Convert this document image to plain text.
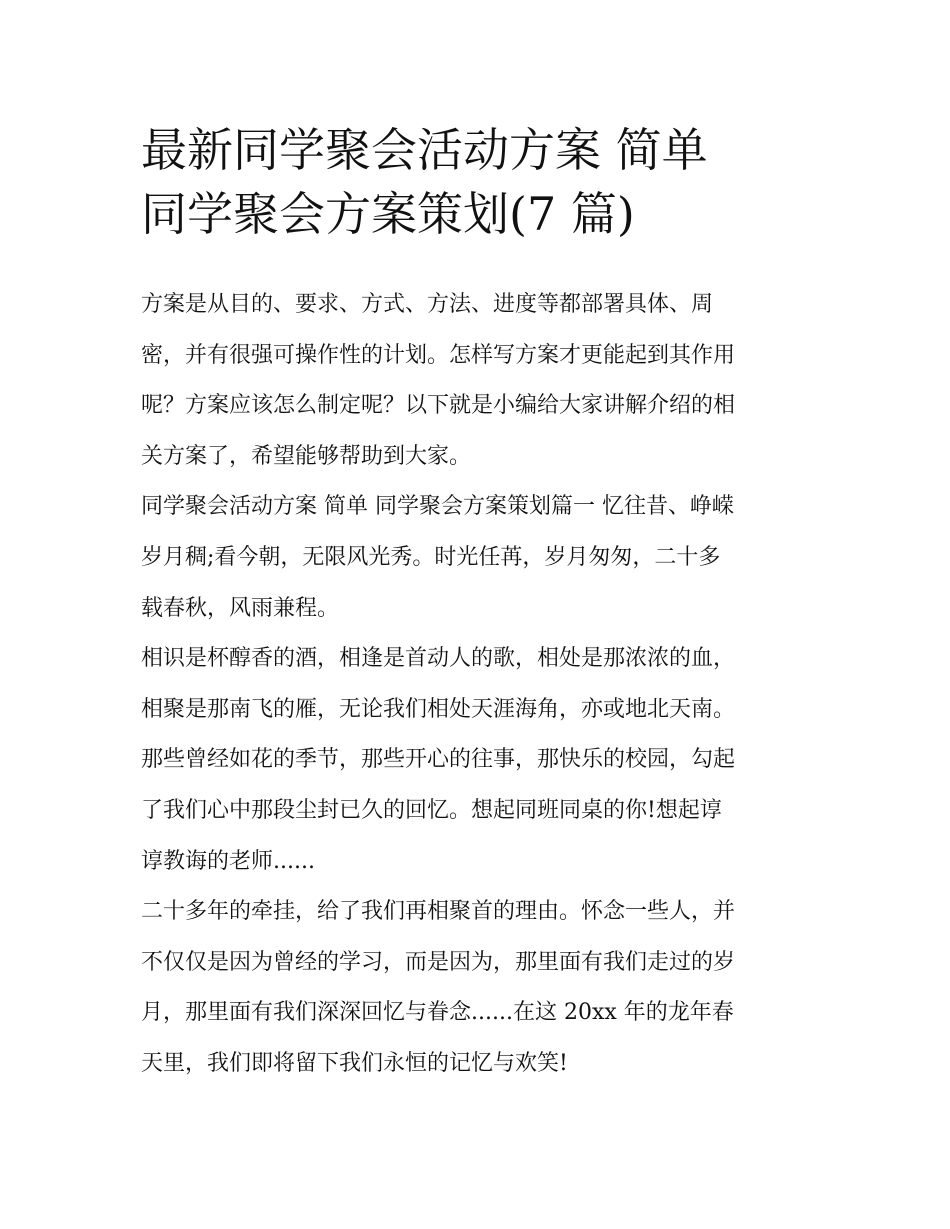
最新同学聚会活动方案 简单
同学聚会方案策划(7 篇)

方案是从目的、要求、方式、方法、进度等都部署具体、周
密，并有很强可操作性的计划。怎样写方案才更能起到其作用
呢？方案应该怎么制定呢？以下就是小编给大家讲解介绍的相
关方案了，希望能够帮助到大家。

同学聚会活动方案 简单 同学聚会方案策划篇一 忆往昔、峥嵘
岁月稠;看今朝，无限风光秀。时光任苒，岁月匆匆，二十多
载春秋，风雨兼程。

相识是杯醇香的酒，相逢是首动人的歌，相处是那浓浓的血，
相聚是那南飞的雁，无论我们相处天涯海角，亦或地北天南。
那些曾经如花的季节，那些开心的往事，那快乐的校园，勾起
了我们心中那段尘封已久的回忆。想起同班同桌的你!想起谆
谆教诲的老师......

二十多年的牵挂，给了我们再相聚首的理由。怀念一些人，并
不仅仅是因为曾经的学习，而是因为，那里面有我们走过的岁
月，那里面有我们深深回忆与眷念......在这 20xx 年的龙年春
天里，我们即将留下我们永恒的记忆与欢笑!
